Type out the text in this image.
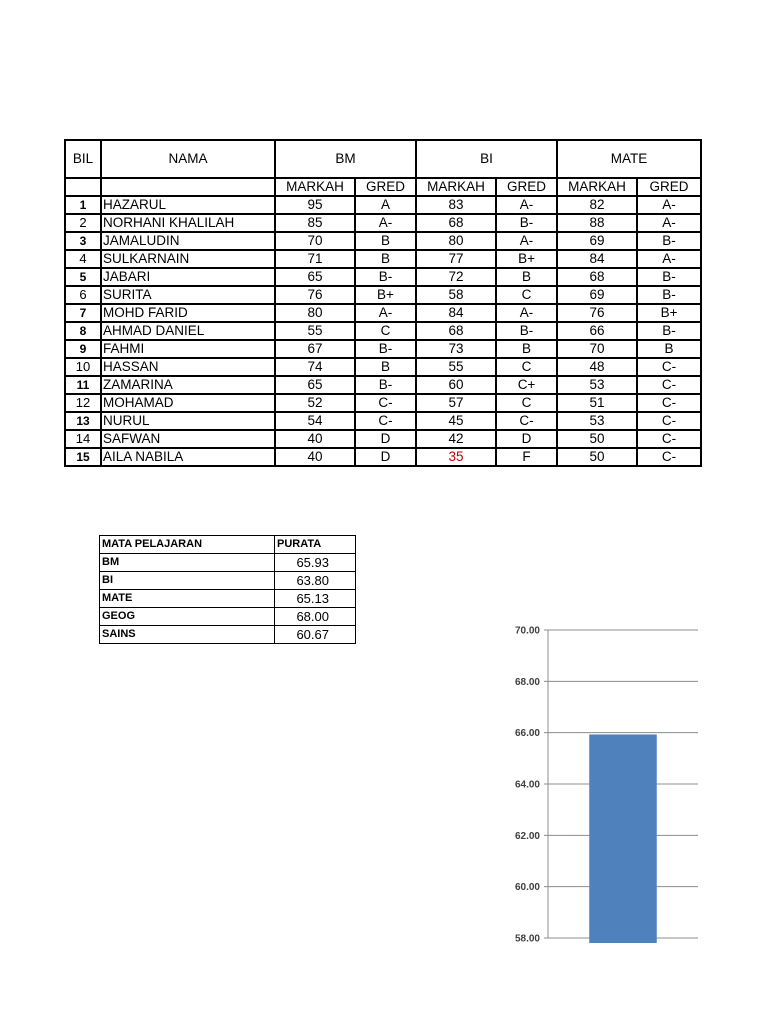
BIL	NAMA	BM		BI		MATE	
		MARKAH	GRED	MARKAH	GRED	MARKAH	GRED
1	HAZARUL	95	A	83	A-	82	A-
2	NORHANI KHALILAH	85	A-	68	B-	88	A-
3	JAMALUDIN	70	B	80	A-	69	B-
4	SULKARNAIN	71	B	77	B+	84	A-
5	JABARI	65	B-	72	B	68	B-
6	SURITA	76	B+	58	C	69	B-
7	MOHD FARID	80	A-	84	A-	76	B+
8	AHMAD DANIEL	55	C	68	B-	66	B-
9	FAHMI	67	B-	73	B	70	B
10	HASSAN	74	B	55	C	48	C-
11	ZAMARINA	65	B-	60	C+	53	C-
12	MOHAMAD	52	C-	57	C	51	C-
13	NURUL	54	C-	45	C-	53	C-
14	SAFWAN	40	D	42	D	50	C-
15	AILA NABILA	40	D	35	F	50	C-
MATA PELAJARAN	PURATA
BM	65.93
BI	63.80
MATE	65.13
GEOG	68.00
SAINS	60.67
58.00
60.00
62.00
64.00
66.00
68.00
70.00
